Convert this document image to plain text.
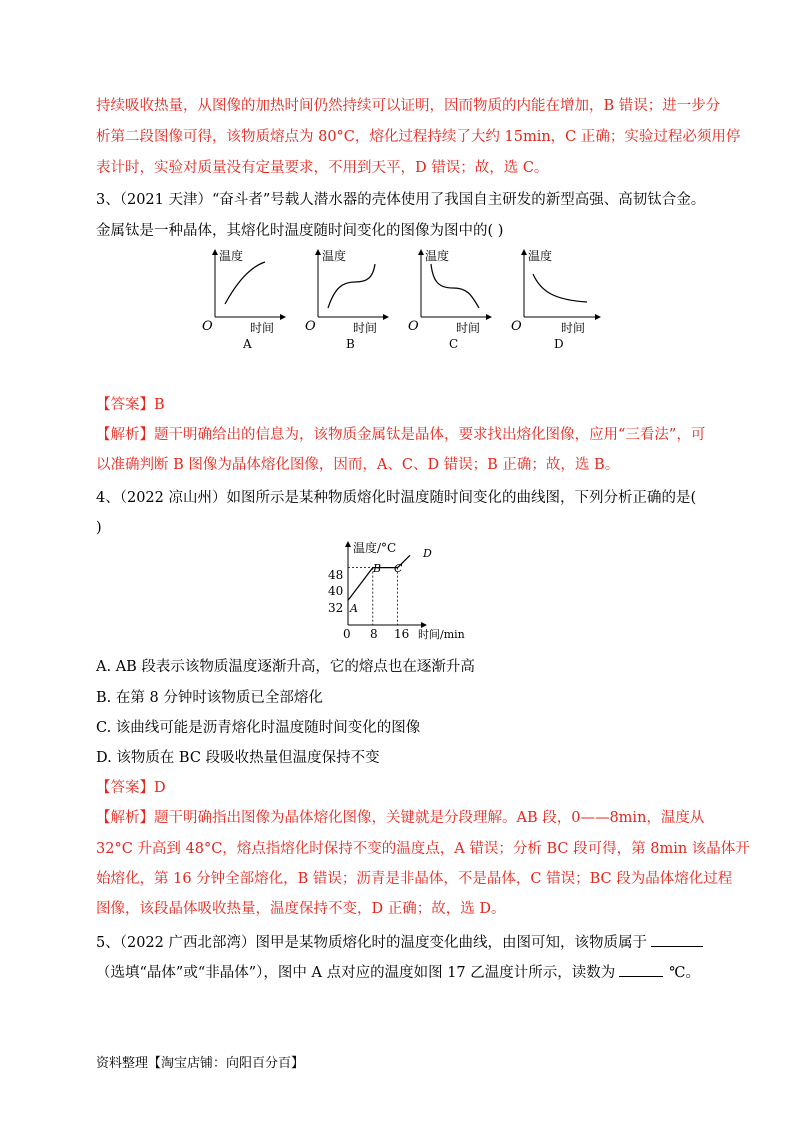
持续吸收热量，从图像的加热时间仍然持续可以证明，因而物质的内能在增加，B 错误；进一步分
析第二段图像可得，该物质熔点为 80°C，熔化过程持续了大约 15min，C 正确；实验过程必须用停
表计时，实验对质量没有定量要求，不用到天平，D 错误；故，选 C。
3、（2021 天津）“奋斗者”号载人潜水器的壳体使用了我国自主研发的新型高强、高韧钛合金。
金属钛是一种晶体，其熔化时温度随时间变化的图像为图中的( )
温度
时间
O
A
温度
时间
O
B
温度
时间
O
C
温度
时间
O
D
【答案】B
【解析】题干明确给出的信息为，该物质金属钛是晶体，要求找出熔化图像，应用“三看法”，可
以准确判断 B 图像为晶体熔化图像，因而，A、C、D 错误；B 正确；故，选 B。
4、（2022 凉山州）如图所示是某种物质熔化时温度随时间变化的曲线图，下列分析正确的是(
)
温度/°C
时间/min
0
48
40
32
8 16
A
B C
D
A. AB 段表示该物质温度逐渐升高，它的熔点也在逐渐升高
B. 在第 8 分钟时该物质已全部熔化
C. 该曲线可能是沥青熔化时温度随时间变化的图像
D. 该物质在 BC 段吸收热量但温度保持不变
【答案】D
【解析】题干明确指出图像为晶体熔化图像，关键就是分段理解。AB 段，0——8min，温度从
32°C 升高到 48°C，熔点指熔化时保持不变的温度点，A 错误；分析 BC 段可得，第 8min 该晶体开
始熔化，第 16 分钟全部熔化，B 错误；沥青是非晶体，不是晶体，C 错误；BC 段为晶体熔化过程
图像，该段晶体吸收热量，温度保持不变，D 正确；故，选 D。
5、（2022 广西北部湾）图甲是某物质熔化时的温度变化曲线，由图可知，该物质属于
（选填“晶体”或“非晶体”），图中 A 点对应的温度如图 17 乙温度计所示，读数为	℃。
资料整理【淘宝店铺：向阳百分百】
